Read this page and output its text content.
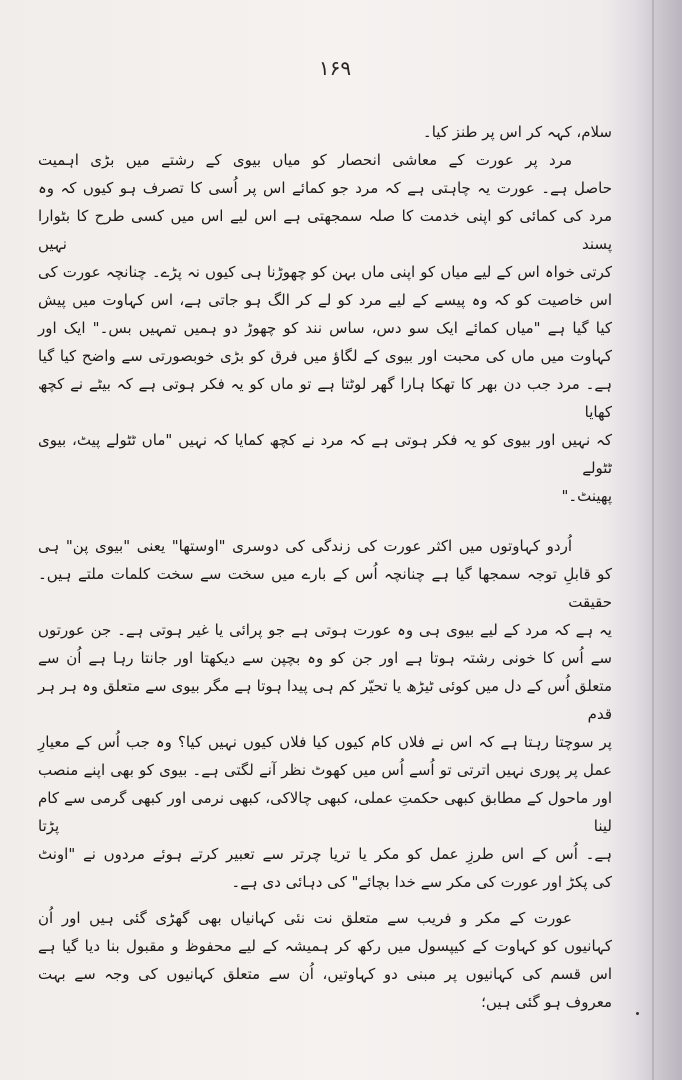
۱۶۹
سلام، کہہ کر اس پر طنز کیا۔
مرد پر عورت کے معاشی انحصار کو میاں بیوی کے رشتے میں بڑی اہمیت
حاصل ہے۔ عورت یہ چاہتی ہے کہ مرد جو کمائے اس پر اُسی کا تصرف ہو کیوں کہ وہ
مرد کی کمائی کو اپنی خدمت کا صلہ سمجھتی ہے اس لیے اس میں کسی طرح کا بٹوارا پسند نہیں
کرتی خواہ اس کے لیے میاں کو اپنی ماں بہن کو چھوڑنا ہی کیوں نہ پڑے۔ چنانچہ عورت کی
اس خاصیت کو کہ وہ پیسے کے لیے مرد کو لے کر الگ ہو جاتی ہے، اس کہاوت میں پیش
کیا گیا ہے "میاں کمائے ایک سو دس، ساس نند کو چھوڑ دو ہمیں تمہیں بس۔" ایک اور
کہاوت میں ماں کی محبت اور بیوی کے لگاؤ میں فرق کو بڑی خوبصورتی سے واضح کیا گیا
ہے۔ مرد جب دن بھر کا تھکا ہارا گھر لوٹتا ہے تو ماں کو یہ فکر ہوتی ہے کہ بیٹے نے کچھ کھایا
کہ نہیں اور بیوی کو یہ فکر ہوتی ہے کہ مرد نے کچھ کمایا کہ نہیں "ماں ٹٹولے پیٹ، بیوی ٹٹولے
پھینٹ۔"
اُردو کہاوتوں میں اکثر عورت کی زندگی کی دوسری "اوستھا" یعنی "بیوی پن" ہی
کو قابلِ توجہ سمجھا گیا ہے چنانچہ اُس کے بارے میں سخت سے سخت کلمات ملتے ہیں۔ حقیقت
یہ ہے کہ مرد کے لیے بیوی ہی وہ عورت ہوتی ہے جو پرائی یا غیر ہوتی ہے۔ جن عورتوں
سے اُس کا خونی رشتہ ہوتا ہے اور جن کو وہ بچپن سے دیکھتا اور جانتا رہا ہے اُن سے
متعلق اُس کے دل میں کوئی ٹیڑھ یا تحیّر کم ہی پیدا ہوتا ہے مگر بیوی سے متعلق وہ ہر ہر قدم
پر سوچتا رہتا ہے کہ اس نے فلاں کام کیوں کیا فلاں کیوں نہیں کیا؟ وہ جب اُس کے معیارِ
عمل پر پوری نہیں اترتی تو اُسے اُس میں کھوٹ نظر آنے لگتی ہے۔ بیوی کو بھی اپنے منصب
اور ماحول کے مطابق کبھی حکمتِ عملی، کبھی چالاکی، کبھی نرمی اور کبھی گرمی سے کام لینا پڑتا
ہے۔ اُس کے اس طرزِ عمل کو مکر یا تریا چرتر سے تعبیر کرتے ہوئے مردوں نے "اونٹ
کی پکڑ اور عورت کی مکر سے خدا بچائے" کی دہائی دی ہے۔
عورت کے مکر و فریب سے متعلق نت نئی کہانیاں بھی گھڑی گئی ہیں اور اُن
کہانیوں کو کہاوت کے کیپسول میں رکھ کر ہمیشہ کے لیے محفوظ و مقبول بنا دیا گیا ہے
اس قسم کی کہانیوں پر مبنی دو کہاوتیں، اُن سے متعلق کہانیوں کی وجہ سے بہت
معروف ہو گئی ہیں؛
